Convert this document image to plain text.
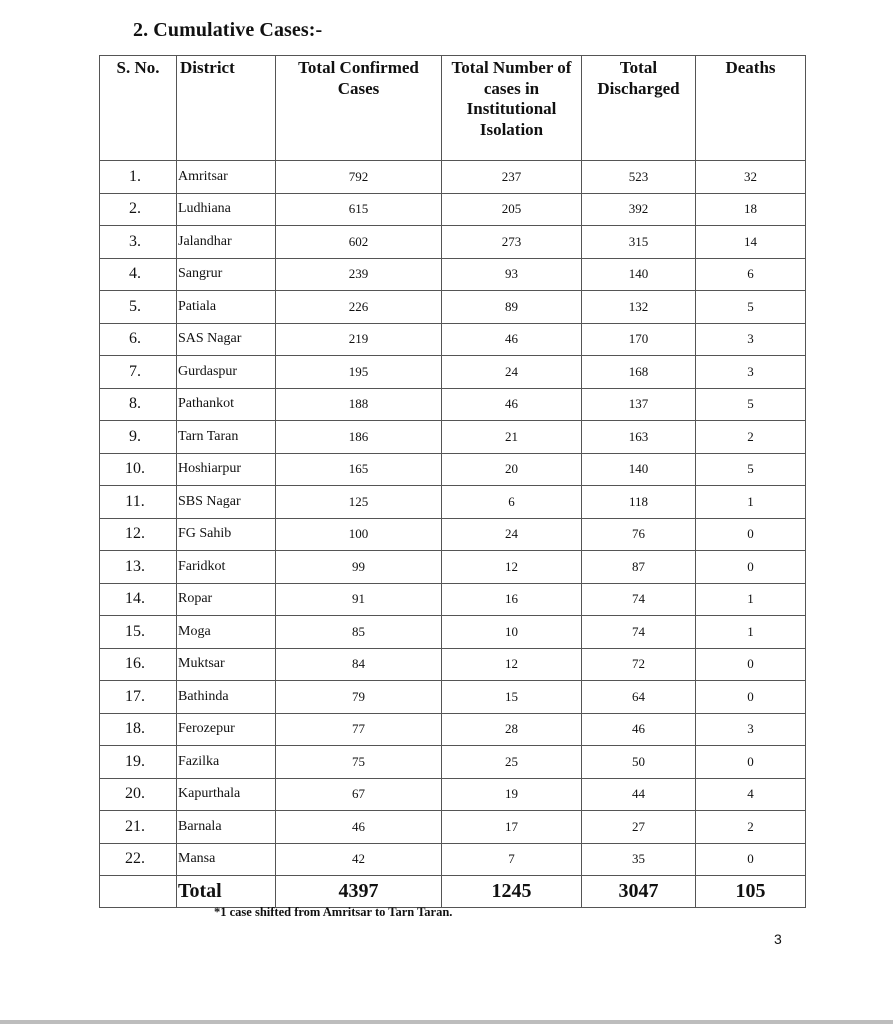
2. Cumulative Cases:-
S. No.	District	Total Confirmed Cases	Total Number of cases in Institutional Isolation	Total Discharged	Deaths
1.	Amritsar	792	237	523	32
2.	Ludhiana	615	205	392	18
3.	Jalandhar	602	273	315	14
4.	Sangrur	239	93	140	6
5.	Patiala	226	89	132	5
6.	SAS Nagar	219	46	170	3
7.	Gurdaspur	195	24	168	3
8.	Pathankot	188	46	137	5
9.	Tarn Taran	186	21	163	2
10.	Hoshiarpur	165	20	140	5
11.	SBS Nagar	125	6	118	1
12.	FG Sahib	100	24	76	0
13.	Faridkot	99	12	87	0
14.	Ropar	91	16	74	1
15.	Moga	85	10	74	1
16.	Muktsar	84	12	72	0
17.	Bathinda	79	15	64	0
18.	Ferozepur	77	28	46	3
19.	Fazilka	75	25	50	0
20.	Kapurthala	67	19	44	4
21.	Barnala	46	17	27	2
22.	Mansa	42	7	35	0
	Total	4397	1245	3047	105
*1 case shifted from Amritsar to Tarn Taran.
3
